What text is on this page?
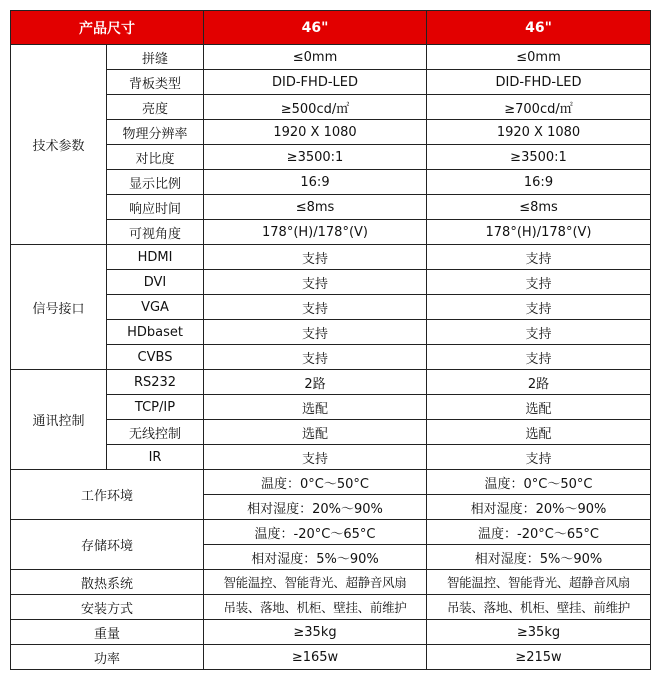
产品尺寸		46"	46"
技术参数	拼缝	≤0mm	≤0mm
	背板类型	DID-FHD-LED	DID-FHD-LED
	亮度	≥500cd/㎡	≥700cd/㎡
	物理分辨率	1920 X 1080	1920 X 1080
	对比度	≥3500:1	≥3500:1
	显示比例	16:9	16:9
	响应时间	≤8ms	≤8ms
	可视角度	178°(H)/178°(V)	178°(H)/178°(V)
信号接口	HDMI	支持	支持
	DVI	支持	支持
	VGA	支持	支持
	HDbaset	支持	支持
	CVBS	支持	支持
通讯控制	RS232	2路	2路
	TCP/IP	选配	选配
	无线控制	选配	选配
	IR	支持	支持
工作环境		温度：0°C～50°C	温度：0°C～50°C
		相对湿度：20%～90%	相对湿度：20%～90%
存储环境		温度：-20°C～65°C	温度：-20°C～65°C
		相对湿度：5%～90%	相对湿度：5%～90%
散热系统		智能温控、智能背光、超静音风扇	智能温控、智能背光、超静音风扇
安装方式		吊装、落地、机柜、壁挂、前维护	吊装、落地、机柜、壁挂、前维护
重量		≥35kg	≥35kg
功率		≥165w	≥215w
